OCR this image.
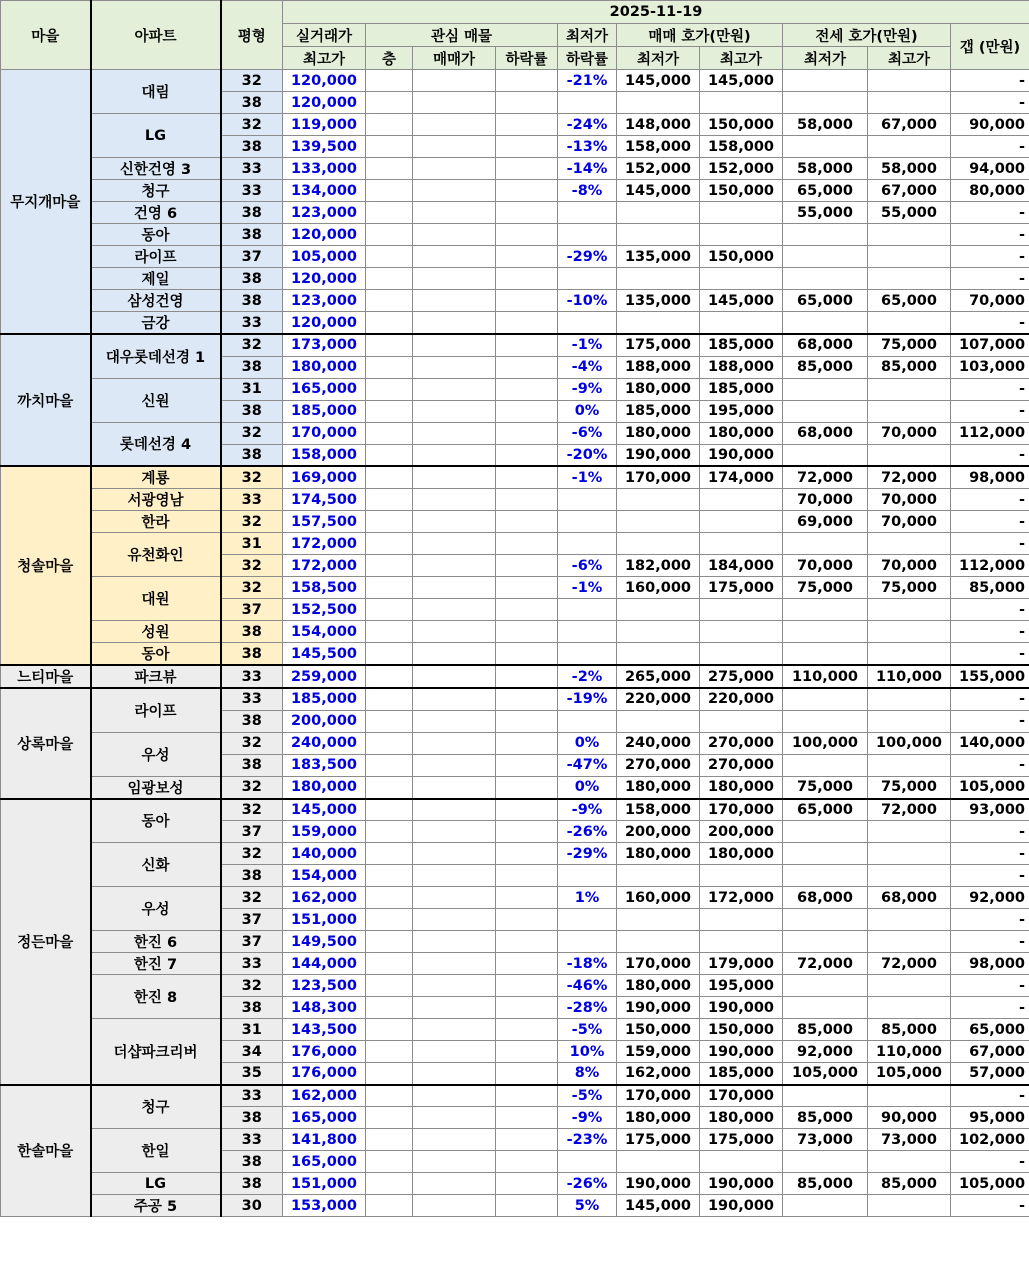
마을	아파트	평형	2025-11-19									
			실거래가	관심 매물			최저가	매매 호가(만원)		전세 호가(만원)		갭 (만원)
			최고가	층	매매가	하락률	하락률	최저가	최고가	최저가	최고가	
무지개마을	대림	32	120,000				-21%	145,000	145,000			-
		38	120,000									-
	LG	32	119,000				-24%	148,000	150,000	58,000	67,000	90,000
		38	139,500				-13%	158,000	158,000			-
	신한건영 3	33	133,000				-14%	152,000	152,000	58,000	58,000	94,000
	청구	33	134,000				-8%	145,000	150,000	65,000	67,000	80,000
	건영 6	38	123,000							55,000	55,000	-
	동아	38	120,000									-
	라이프	37	105,000				-29%	135,000	150,000			-
	제일	38	120,000									-
	삼성건영	38	123,000				-10%	135,000	145,000	65,000	65,000	70,000
	금강	33	120,000									-
까치마을	대우롯데선경 1	32	173,000				-1%	175,000	185,000	68,000	75,000	107,000
		38	180,000				-4%	188,000	188,000	85,000	85,000	103,000
	신원	31	165,000				-9%	180,000	185,000			-
		38	185,000				0%	185,000	195,000			-
	롯데선경 4	32	170,000				-6%	180,000	180,000	68,000	70,000	112,000
		38	158,000				-20%	190,000	190,000			-
청솔마을	계룡	32	169,000				-1%	170,000	174,000	72,000	72,000	98,000
	서광영남	33	174,500							70,000	70,000	-
	한라	32	157,500							69,000	70,000	-
	유천화인	31	172,000									-
		32	172,000				-6%	182,000	184,000	70,000	70,000	112,000
	대원	32	158,500				-1%	160,000	175,000	75,000	75,000	85,000
		37	152,500									-
	성원	38	154,000									-
	동아	38	145,500									-
느티마을	파크뷰	33	259,000				-2%	265,000	275,000	110,000	110,000	155,000
상록마을	라이프	33	185,000				-19%	220,000	220,000			-
		38	200,000									-
	우성	32	240,000				0%	240,000	270,000	100,000	100,000	140,000
		38	183,500				-47%	270,000	270,000			-
	임광보성	32	180,000				0%	180,000	180,000	75,000	75,000	105,000
정든마을	동아	32	145,000				-9%	158,000	170,000	65,000	72,000	93,000
		37	159,000				-26%	200,000	200,000			-
	신화	32	140,000				-29%	180,000	180,000			-
		38	154,000									-
	우성	32	162,000				1%	160,000	172,000	68,000	68,000	92,000
		37	151,000									-
	한진 6	37	149,500									-
	한진 7	33	144,000				-18%	170,000	179,000	72,000	72,000	98,000
	한진 8	32	123,500				-46%	180,000	195,000			-
		38	148,300				-28%	190,000	190,000			-
	더샵파크리버	31	143,500				-5%	150,000	150,000	85,000	85,000	65,000
		34	176,000				10%	159,000	190,000	92,000	110,000	67,000
		35	176,000				8%	162,000	185,000	105,000	105,000	57,000
한솔마을	청구	33	162,000				-5%	170,000	170,000			-
		38	165,000				-9%	180,000	180,000	85,000	90,000	95,000
	한일	33	141,800				-23%	175,000	175,000	73,000	73,000	102,000
		38	165,000									-
	LG	38	151,000				-26%	190,000	190,000	85,000	85,000	105,000
	주공 5	30	153,000				5%	145,000	190,000			-
